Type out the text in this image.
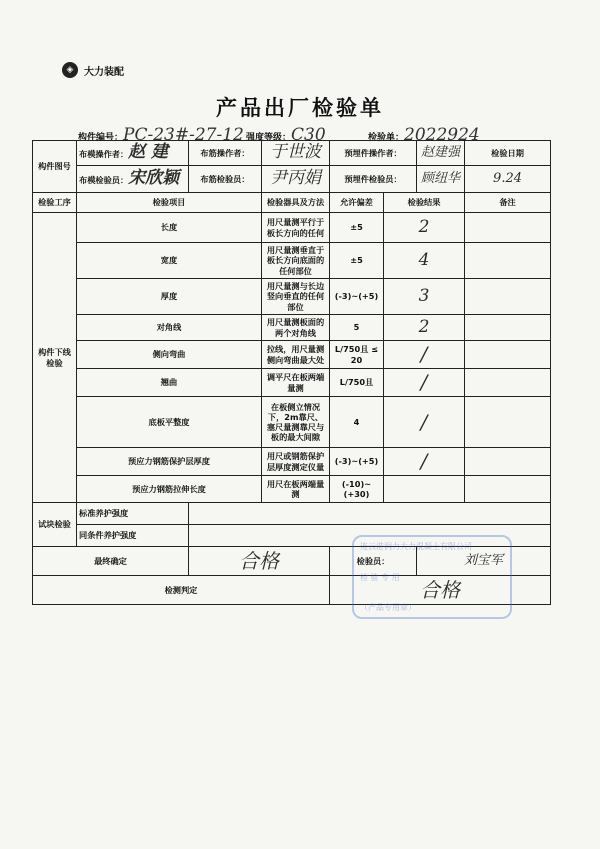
◈	大力装配
产品出厂检验单
构件编号：PC-23#-27-12 强度等级：C30	检验单：2022924
构件图号	布模操作者：赵 建	布筋操作者：	于世波	预埋件操作者：		赵建强	检验日期
	布模检验员：宋欣颖	布筋检验员：	尹丙娟	预埋件检验员：		顾纽华	9.24
检验工序	检验项目		检验器具及方法	允许偏差	检验结果		备注
构件下线
检验	长度		用尺量测平行于板长方向的任何	±5	2		
	宽度		用尺量测垂直于板长方向底面的任何部位	±5	4		
	厚度		用尺量测与长边竖向垂直的任何部位	(-3)~(+5)	3		
	对角线		用尺量测板面的两个对角线	5	2		
	侧向弯曲		拉线，用尺量测侧向弯曲最大处	L/750且 ≤ 20	/		
	翘曲		调平尺在板两端量测	L/750且	/		
	底板平整度		在板侧立情况下，2m靠尺、塞尺量测靠尺与板的最大间隙	4	/		
	预应力钢筋保护层厚度		用尺或钢筋保护层厚度测定仪量	(-3)~(+5)	/		
	预应力钢筋拉伸长度		用尺在板两端量测	(-10)~(+30)			
试块检验	标准养护强度						
	同条件养护强度						
最终确定		合格		检验员：		刘宝军	
检测判定				合格			
连云港润力大力混凝土有限公司
检 验 专 用
（产品专用章）
